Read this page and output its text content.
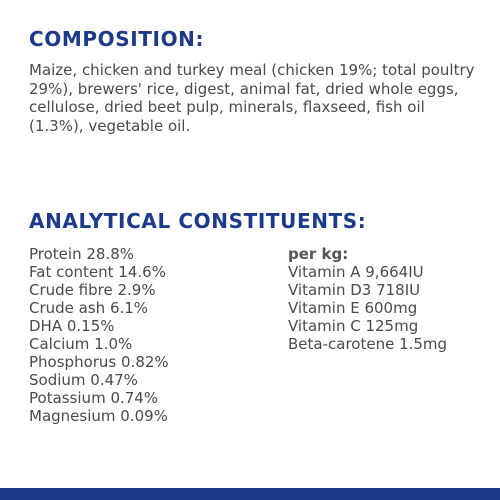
COMPOSITION:

Maize, chicken and turkey meal (chicken 19%; total poultry 29%), brewers' rice, digest, animal fat, dried whole eggs, cellulose, dried beet pulp, minerals, flaxseed, fish oil (1.3%), vegetable oil.

ANALYTICAL CONSTITUENTS:
Protein 28.8%
Fat content 14.6%
Crude fibre 2.9%
Crude ash 6.1%
DHA 0.15%
Calcium 1.0%
Phosphorus 0.82%
Sodium 0.47%
Potassium 0.74%
Magnesium 0.09%
per kg:
Vitamin A 9,664IU
Vitamin D3 718IU
Vitamin E 600mg
Vitamin C 125mg
Beta-carotene 1.5mg
